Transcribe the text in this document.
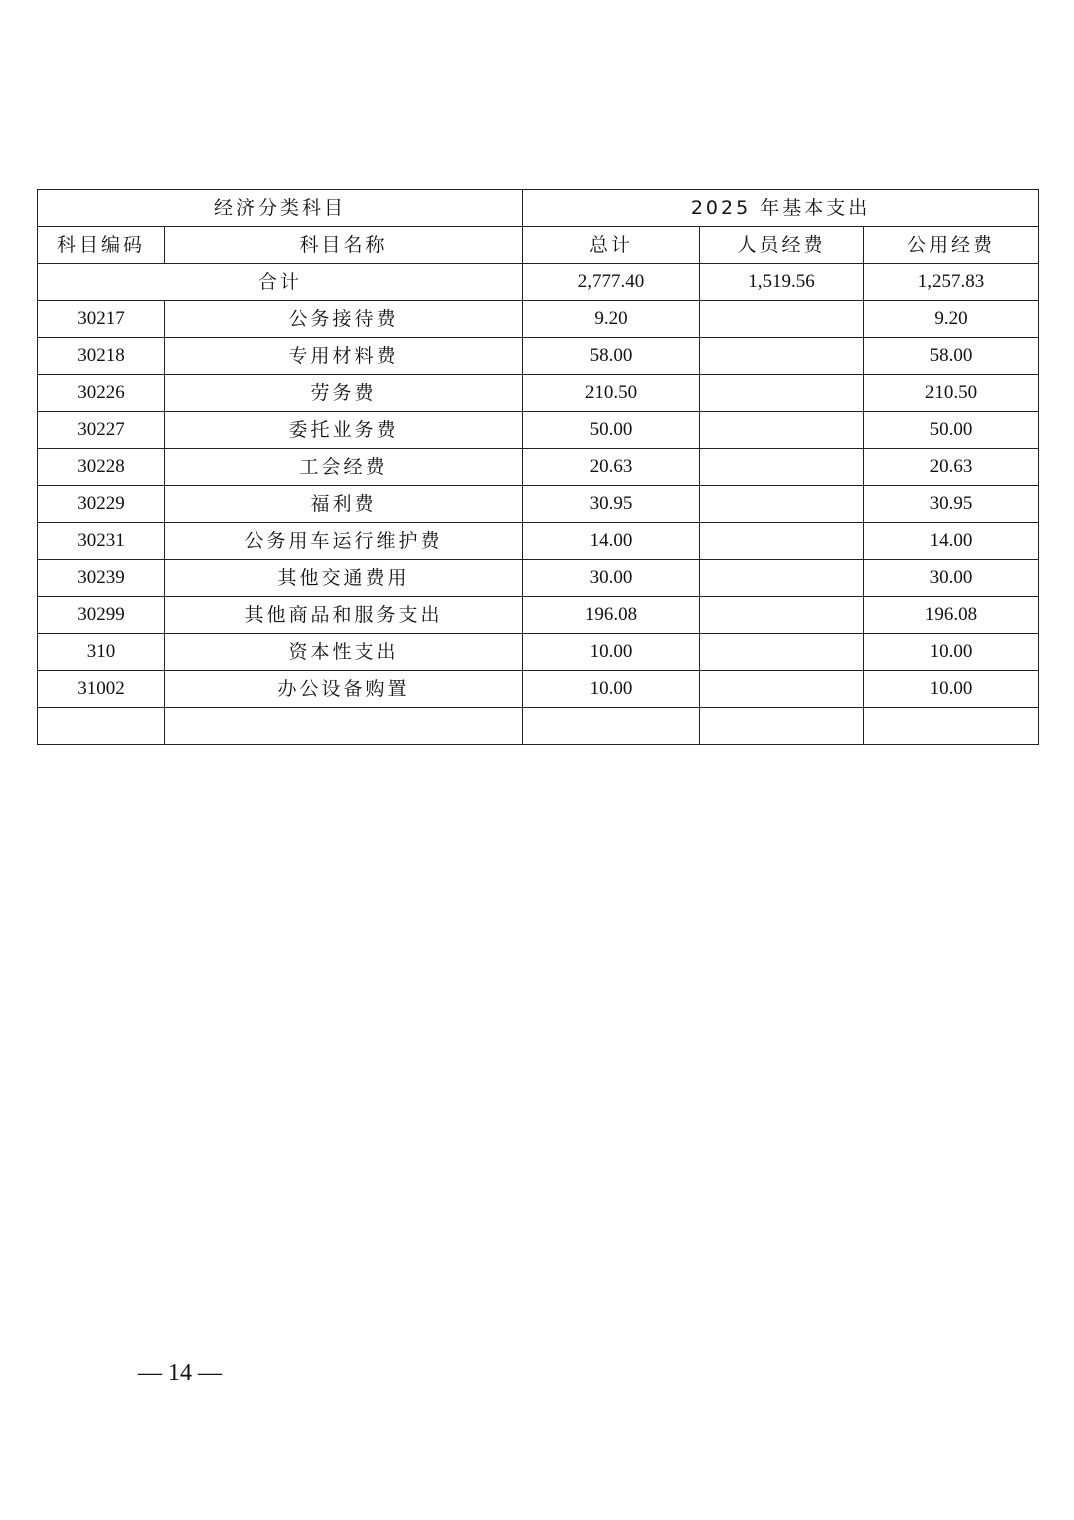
经济分类科目		2025 年基本支出		
科目编码	科目名称	总计	人员经费	公用经费
合计		2,777.40	1,519.56	1,257.83
30217	公务接待费	9.20		9.20
30218	专用材料费	58.00		58.00
30226	劳务费	210.50		210.50
30227	委托业务费	50.00		50.00
30228	工会经费	20.63		20.63
30229	福利费	30.95		30.95
30231	公务用车运行维护费	14.00		14.00
30239	其他交通费用	30.00		30.00
30299	其他商品和服务支出	196.08		196.08
310	资本性支出	10.00		10.00
31002	办公设备购置	10.00		10.00

— 14 —
